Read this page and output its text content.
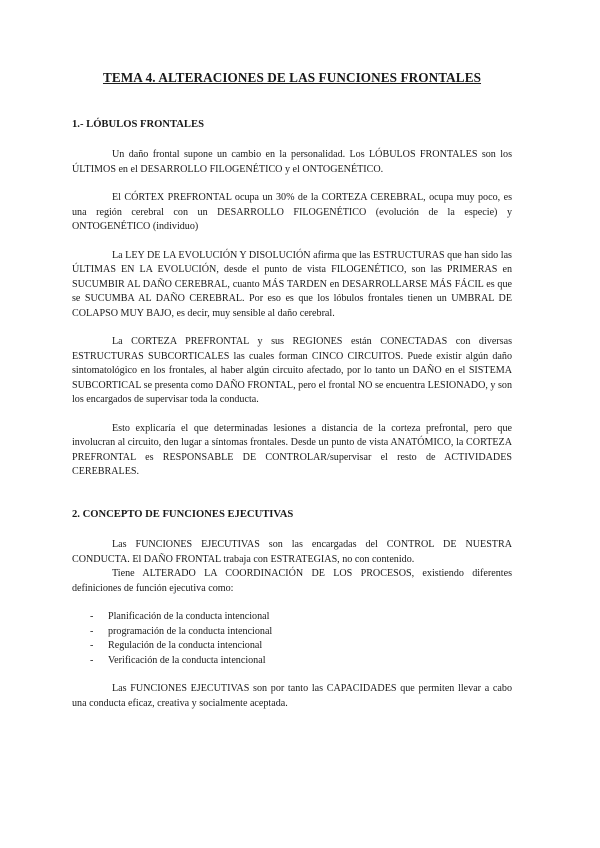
TEMA 4. ALTERACIONES DE LAS FUNCIONES FRONTALES
1.- LÓBULOS FRONTALES

Un daño frontal supone un cambio en la personalidad. Los LÓBULOS FRONTALES son los ÚLTIMOS en el DESARROLLO FILOGENÉTICO y el ONTOGENÉTICO.

El CÓRTEX PREFRONTAL ocupa un 30% de la CORTEZA CEREBRAL, ocupa muy poco, es una región cerebral con un DESARROLLO FILOGENÉTICO (evolución de la especie) y ONTOGENÉTICO (individuo)

La LEY DE LA EVOLUCIÓN Y DISOLUCIÓN afirma que las ESTRUCTURAS que han sido las ÚLTIMAS EN LA EVOLUCIÓN, desde el punto de vista FILOGENÉTICO, son las PRIMERAS en SUCUMBIR AL DAÑO CEREBRAL, cuanto MÁS TARDEN en DESARROLLARSE MÁS FÁCIL es que se SUCUMBA AL DAÑO CEREBRAL. Por eso es que los lóbulos frontales tienen un UMBRAL DE COLAPSO MUY BAJO, es decir, muy sensible al daño cerebral.

La CORTEZA PREFRONTAL y sus REGIONES están CONECTADAS con diversas ESTRUCTURAS SUBCORTICALES las cuales forman CINCO CIRCUITOS. Puede existir algún daño sintomatológico en los frontales, al haber algún circuito afectado, por lo tanto un DAÑO en el SISTEMA SUBCORTICAL se presenta como DAÑO FRONTAL, pero el frontal NO se encuentra LESIONADO, y son los encargados de supervisar toda la conducta.

Esto explicaría el que determinadas lesiones a distancia de la corteza prefrontal, pero que involucran al circuito, den lugar a síntomas frontales. Desde un punto de vista ANATÓMICO, la CORTEZA PREFRONTAL es RESPONSABLE DE CONTROLAR/supervisar el resto de ACTIVIDADES CEREBRALES.

2. CONCEPTO DE FUNCIONES EJECUTIVAS

Las FUNCIONES EJECUTIVAS son las encargadas del CONTROL DE NUESTRA CONDUCTA. El DAÑO FRONTAL trabaja con ESTRATEGIAS, no con contenido.

Tiene ALTERADO LA COORDINACIÓN DE LOS PROCESOS, existiendo diferentes definiciones de función ejecutiva como:

- Planificación de la conducta intencional
- programación de la conducta intencional
- Regulación de la conducta intencional
- Verificación de la conducta intencional

Las FUNCIONES EJECUTIVAS son por tanto las CAPACIDADES que permiten llevar a cabo una conducta eficaz, creativa y socialmente aceptada.
